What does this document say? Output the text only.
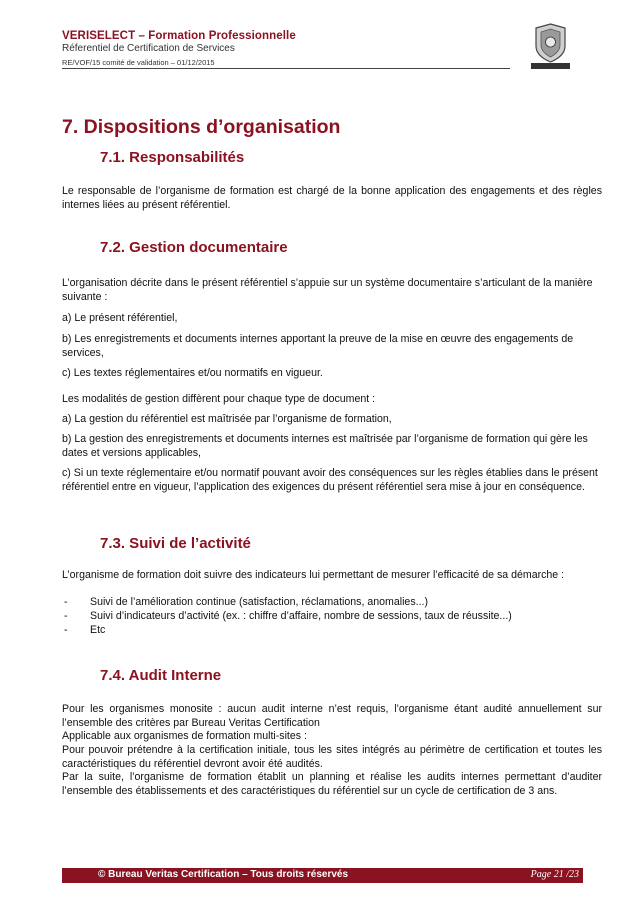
VERISELECT – Formation Professionnelle
Réferentiel de Certification de Services
RE/VOF/15 comité de validation – 01/12/2015
7. Dispositions d’organisation
7.1. Responsabilités
Le responsable de l’organisme de formation est chargé de la bonne application des engagements et des règles internes liées au présent référentiel.
7.2. Gestion documentaire
L’organisation décrite dans le présent référentiel s’appuie sur un système documentaire s’articulant de la manière suivante :
a) Le présent référentiel,
b) Les enregistrements et documents internes apportant la preuve de la mise en œuvre des engagements de services,
c) Les textes réglementaires et/ou normatifs en vigueur.
Les modalités de gestion diffèrent pour chaque type de document :
a) La gestion du référentiel est maîtrisée par l’organisme de formation,
b) La gestion des enregistrements et documents internes est maîtrisée par l’organisme de formation qui gère les dates et versions applicables,
c) Si un texte réglementaire et/ou normatif pouvant avoir des conséquences sur les règles établies dans le présent référentiel entre en vigueur, l’application des exigences du présent référentiel sera mise à jour en conséquence.
7.3. Suivi de l’activité
L’organisme de formation doit suivre des indicateurs lui permettant de mesurer l’efficacité de sa démarche :
- Suivi de l’amélioration continue (satisfaction, réclamations, anomalies...)
- Suivi d’indicateurs d’activité (ex. : chiffre d’affaire, nombre de sessions, taux de réussite...)
- Etc
7.4. Audit Interne
Pour les organismes monosite : aucun audit interne n’est requis, l’organisme étant audité annuellement sur l’ensemble des critères par Bureau Veritas Certification
Applicable aux organismes de formation multi-sites :
Pour pouvoir prétendre à la certification initiale, tous les sites intégrés au périmètre de certification et toutes les caractéristiques du référentiel devront avoir été audités.
Par la suite, l’organisme de formation établit un planning et réalise les audits internes permettant d’auditer l’ensemble des établissements et des caractéristiques du référentiel sur un cycle de certification de 3 ans.
© Bureau Veritas Certification – Tous droits réservés	Page 21 /23
